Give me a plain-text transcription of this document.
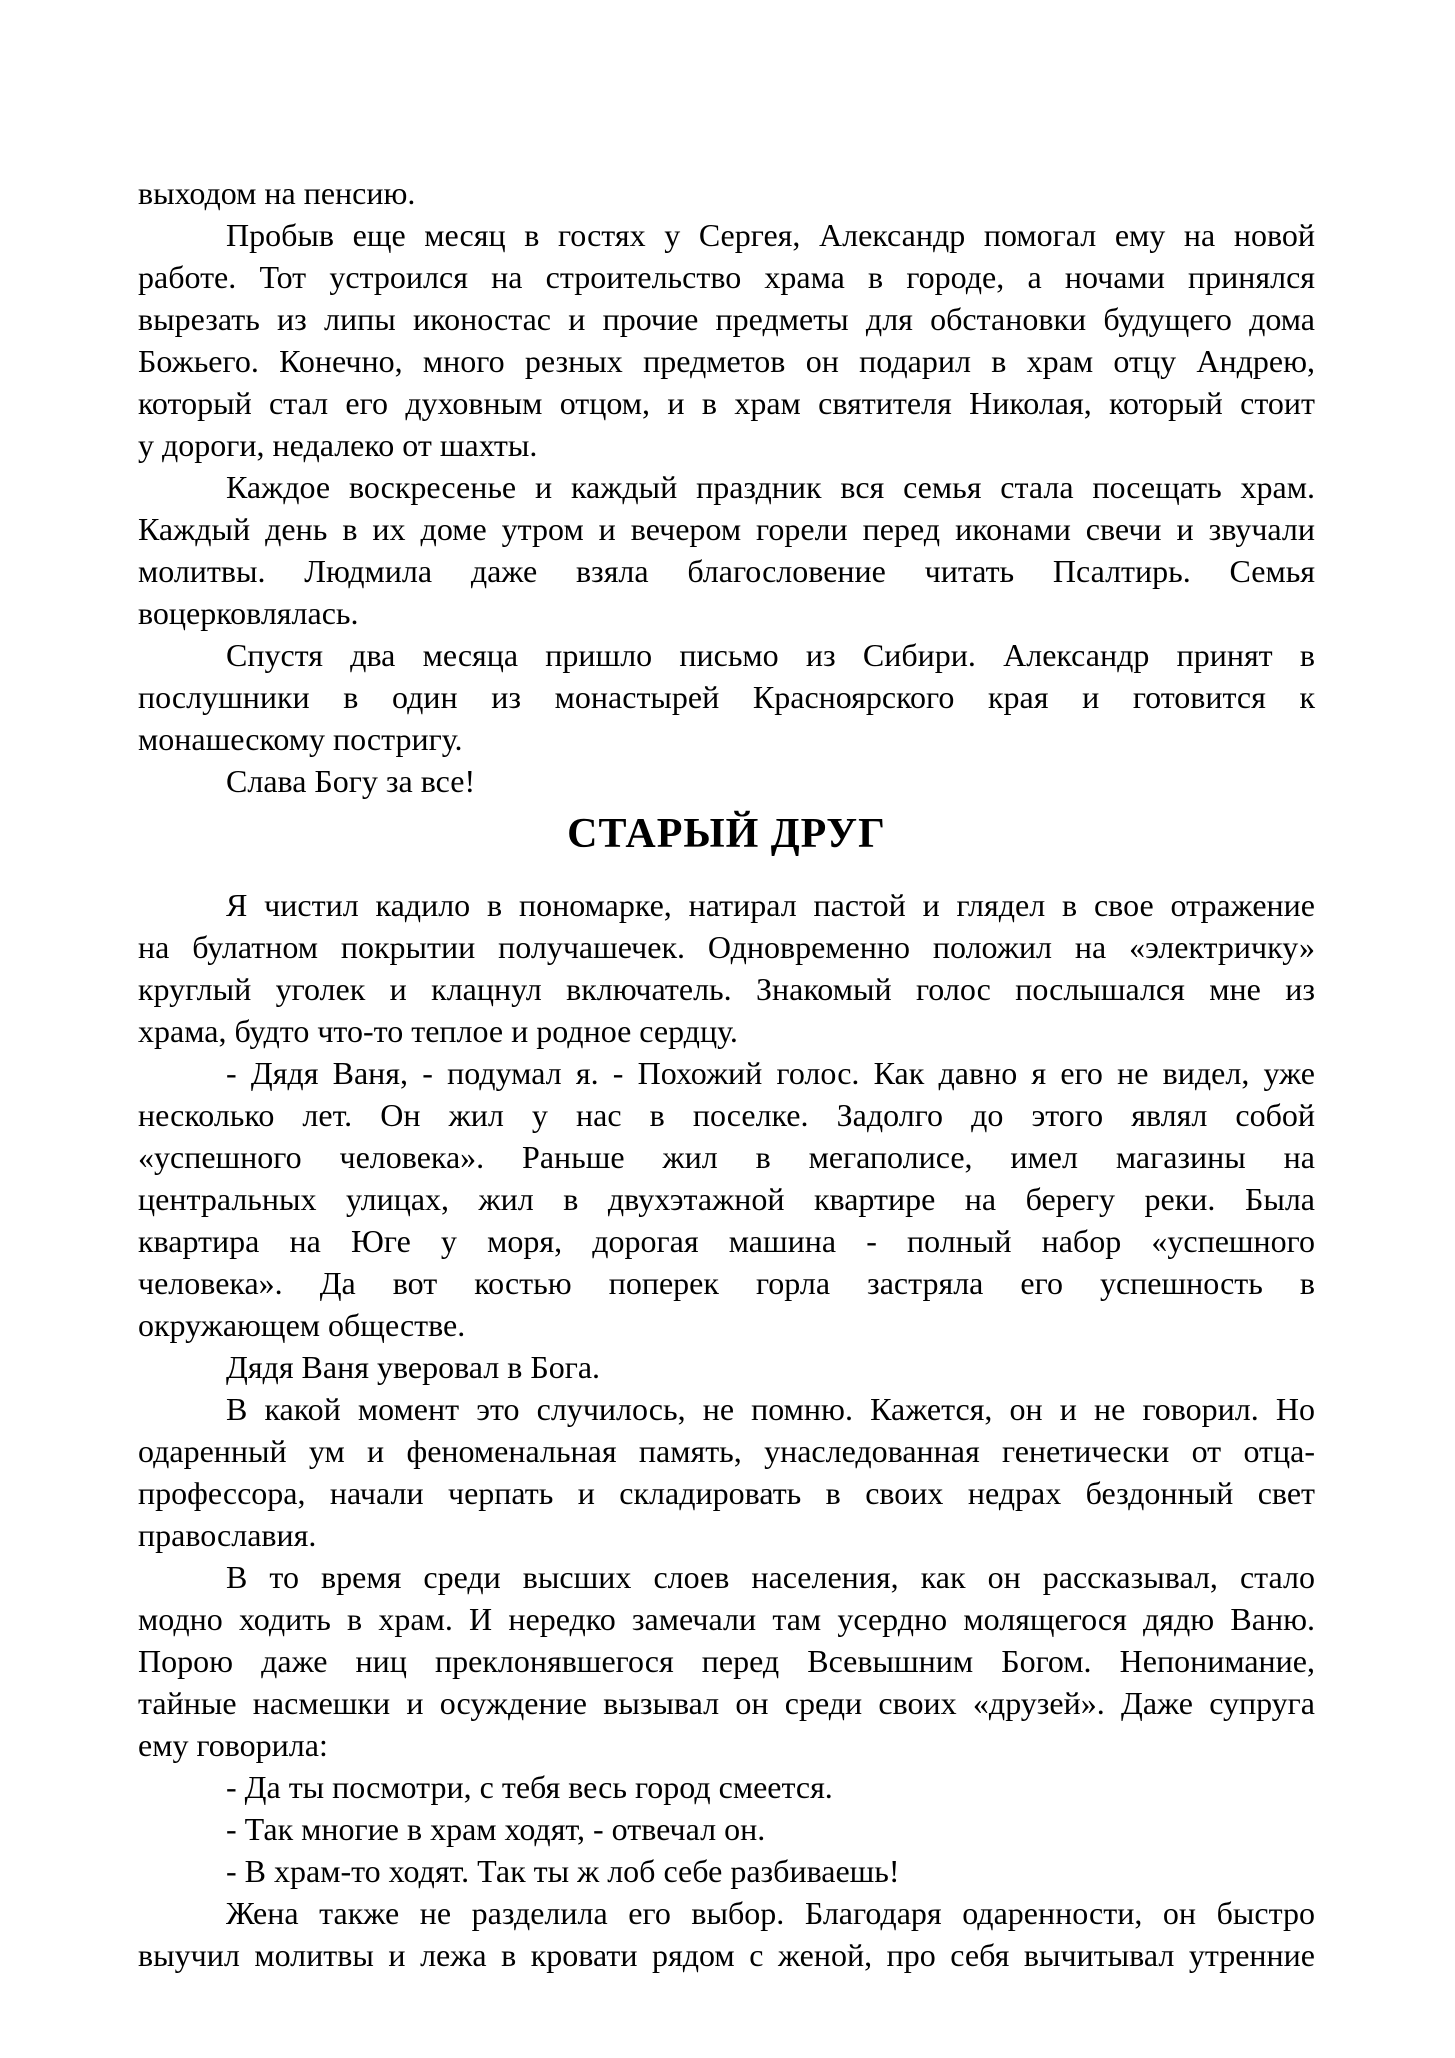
выходом на пенсию.
Пробыв еще месяц в гостях у Сергея, Александр помогал ему на новой
работе. Тот устроился на строительство храма в городе, а ночами принялся
вырезать из липы иконостас и прочие предметы для обстановки будущего дома
Божьего. Конечно, много резных предметов он подарил в храм отцу Андрею,
который стал его духовным отцом, и в храм святителя Николая, который стоит
у дороги, недалеко от шахты.
Каждое воскресенье и каждый праздник вся семья стала посещать храм.
Каждый день в их доме утром и вечером горели перед иконами свечи и звучали
молитвы. Людмила даже взяла благословение читать Псалтирь. Семья
воцерковлялась.
Спустя два месяца пришло письмо из Сибири. Александр принят в
послушники в один из монастырей Красноярского края и готовится к
монашескому постригу.
Слава Богу за все!
СТАРЫЙ ДРУГ
Я чистил кадило в пономарке, натирал пастой и глядел в свое отражение
на булатном покрытии получашечек. Одновременно положил на «электричку»
круглый уголек и клацнул включатель. Знакомый голос послышался мне из
храма, будто что-то теплое и родное сердцу.
- Дядя Ваня, - подумал я. - Похожий голос. Как давно я его не видел, уже
несколько лет. Он жил у нас в поселке. Задолго до этого являл собой
«успешного человека». Раньше жил в мегаполисе, имел магазины на
центральных улицах, жил в двухэтажной квартире на берегу реки. Была
квартира на Юге у моря, дорогая машина - полный набор «успешного
человека». Да вот костью поперек горла застряла его успешность в
окружающем обществе.
Дядя Ваня уверовал в Бога.
В какой момент это случилось, не помню. Кажется, он и не говорил. Но
одаренный ум и феноменальная память, унаследованная генетически от отца-
профессора, начали черпать и складировать в своих недрах бездонный свет
православия.
В то время среди высших слоев населения, как он рассказывал, стало
модно ходить в храм. И нередко замечали там усердно молящегося дядю Ваню.
Порою даже ниц преклонявшегося перед Всевышним Богом. Непонимание,
тайные насмешки и осуждение вызывал он среди своих «друзей». Даже супруга
ему говорила:
- Да ты посмотри, с тебя весь город смеется.
- Так многие в храм ходят, - отвечал он.
- В храм-то ходят. Так ты ж лоб себе разбиваешь!
Жена также не разделила его выбор. Благодаря одаренности, он быстро
выучил молитвы и лежа в кровати рядом с женой, про себя вычитывал утренние
